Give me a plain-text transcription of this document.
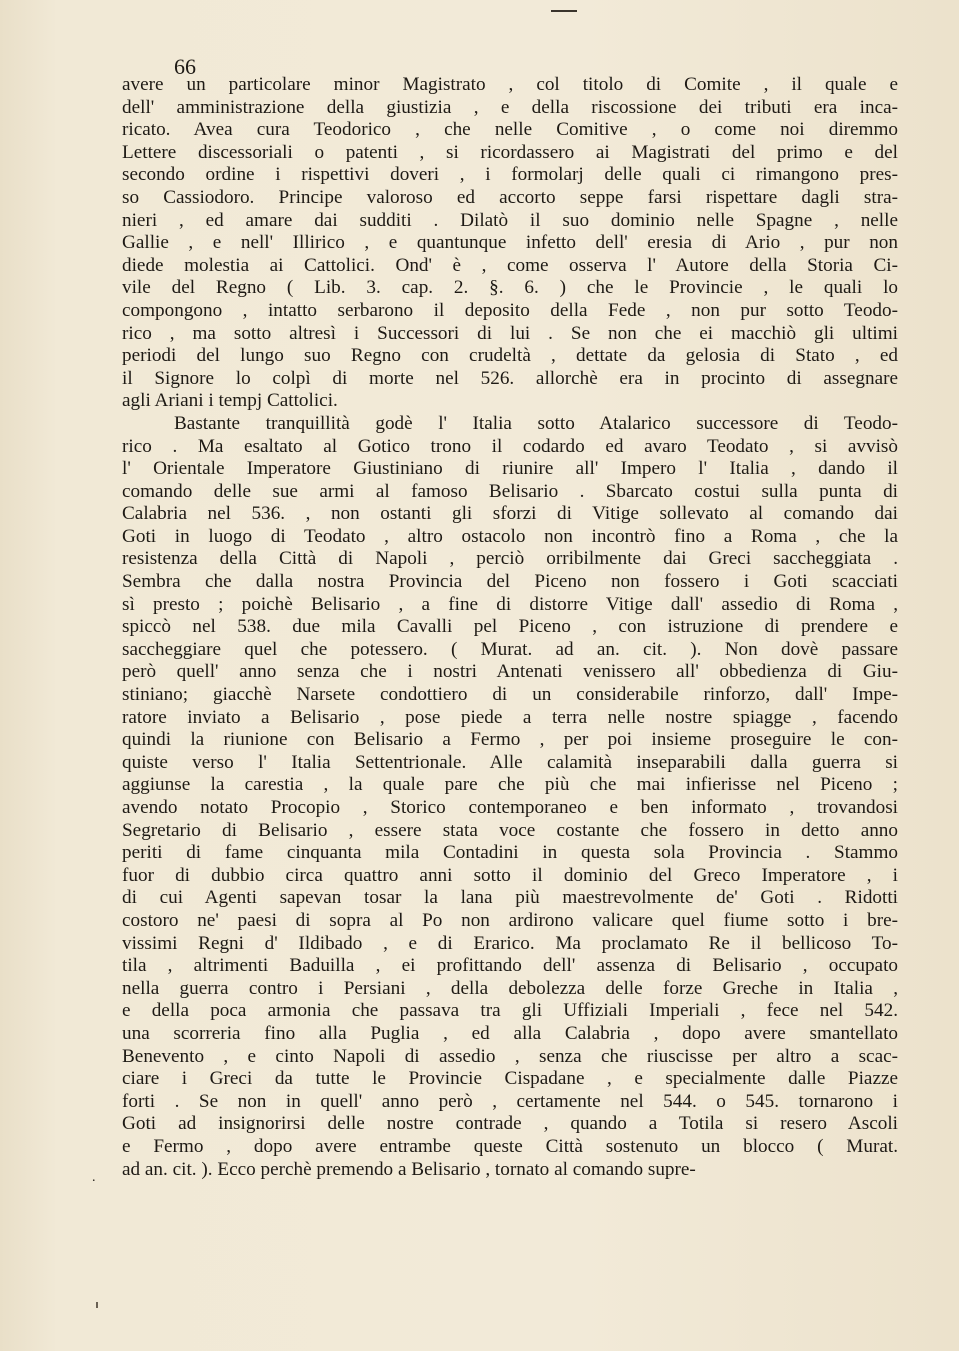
66
avere un particolare minor Magistrato , col titolo di Comite , il quale e
dell' amministrazione della giustizia , e della riscossione dei tributi era inca-
ricato. Avea cura Teodorico , che nelle Comitive , o come noi diremmo
Lettere discessoriali o patenti , si ricordassero ai Magistrati del primo e del
secondo ordine i rispettivi doveri , i formolarj delle quali ci rimangono pres-
so Cassiodoro. Principe valoroso ed accorto seppe farsi rispettare dagli stra-
nieri , ed amare dai sudditi . Dilatò il suo dominio nelle Spagne , nelle
Gallie , e nell' Illirico , e quantunque infetto dell' eresia di Ario , pur non
diede molestia ai Cattolici. Ond' è , come osserva l' Autore della Storia Ci-
vile del Regno ( Lib. 3. cap. 2. §. 6. ) che le Provincie , le quali lo
compongono , intatto serbarono il deposito della Fede , non pur sotto Teodo-
rico , ma sotto altresì i Successori di lui . Se non che ei macchiò gli ultimi
periodi del lungo suo Regno con crudeltà , dettate da gelosia di Stato , ed
il Signore lo colpì di morte nel 526. allorchè era in procinto di assegnare
agli Ariani i tempj Cattolici.
Bastante tranquillità godè l' Italia sotto Atalarico successore di Teodo-
rico . Ma esaltato al Gotico trono il codardo ed avaro Teodato , si avvisò
l' Orientale Imperatore Giustiniano di riunire all' Impero l' Italia , dando il
comando delle sue armi al famoso Belisario . Sbarcato costui sulla punta di
Calabria nel 536. , non ostanti gli sforzi di Vitige sollevato al comando dai
Goti in luogo di Teodato , altro ostacolo non incontrò fino a Roma , che la
resistenza della Città di Napoli , perciò orribilmente dai Greci saccheggiata .
Sembra che dalla nostra Provincia del Piceno non fossero i Goti scacciati
sì presto ; poichè Belisario , a fine di distorre Vitige dall' assedio di Roma ,
spiccò nel 538. due mila Cavalli pel Piceno , con istruzione di prendere e
saccheggiare quel che potessero. ( Murat. ad an. cit. ). Non dovè passare
però quell' anno senza che i nostri Antenati venissero all' obbedienza di Giu-
stiniano; giacchè Narsete condottiero di un considerabile rinforzo, dall' Impe-
ratore inviato a Belisario , pose piede a terra nelle nostre spiagge , facendo
quindi la riunione con Belisario a Fermo , per poi insieme proseguire le con-
quiste verso l' Italia Settentrionale. Alle calamità inseparabili dalla guerra si
aggiunse la carestia , la quale pare che più che mai infierisse nel Piceno ;
avendo notato Procopio , Storico contemporaneo e ben informato , trovandosi
Segretario di Belisario , essere stata voce costante che fossero in detto anno
periti di fame cinquanta mila Contadini in questa sola Provincia . Stammo
fuor di dubbio circa quattro anni sotto il dominio del Greco Imperatore , i
di cui Agenti sapevan tosar la lana più maestrevolmente de' Goti . Ridotti
costoro ne' paesi di sopra al Po non ardirono valicare quel fiume sotto i bre-
vissimi Regni d' Ildibado , e di Erarico. Ma proclamato Re il bellicoso To-
tila , altrimenti Baduilla , ei profittando dell' assenza di Belisario , occupato
nella guerra contro i Persiani , della debolezza delle forze Greche in Italia ,
e della poca armonia che passava tra gli Uffiziali Imperiali , fece nel 542.
una scorreria fino alla Puglia , ed alla Calabria , dopo avere smantellato
Benevento , e cinto Napoli di assedio , senza che riuscisse per altro a scac-
ciare i Greci da tutte le Provincie Cispadane , e specialmente dalle Piazze
forti . Se non in quell' anno però , certamente nel 544. o 545. tornarono i
Goti ad insignorirsi delle nostre contrade , quando a Totila si resero Ascoli
e Fermo , dopo avere entrambe queste Città sostenuto un blocco ( Murat.
ad an. cit. ). Ecco perchè premendo a Belisario , tornato al comando supre-
.
